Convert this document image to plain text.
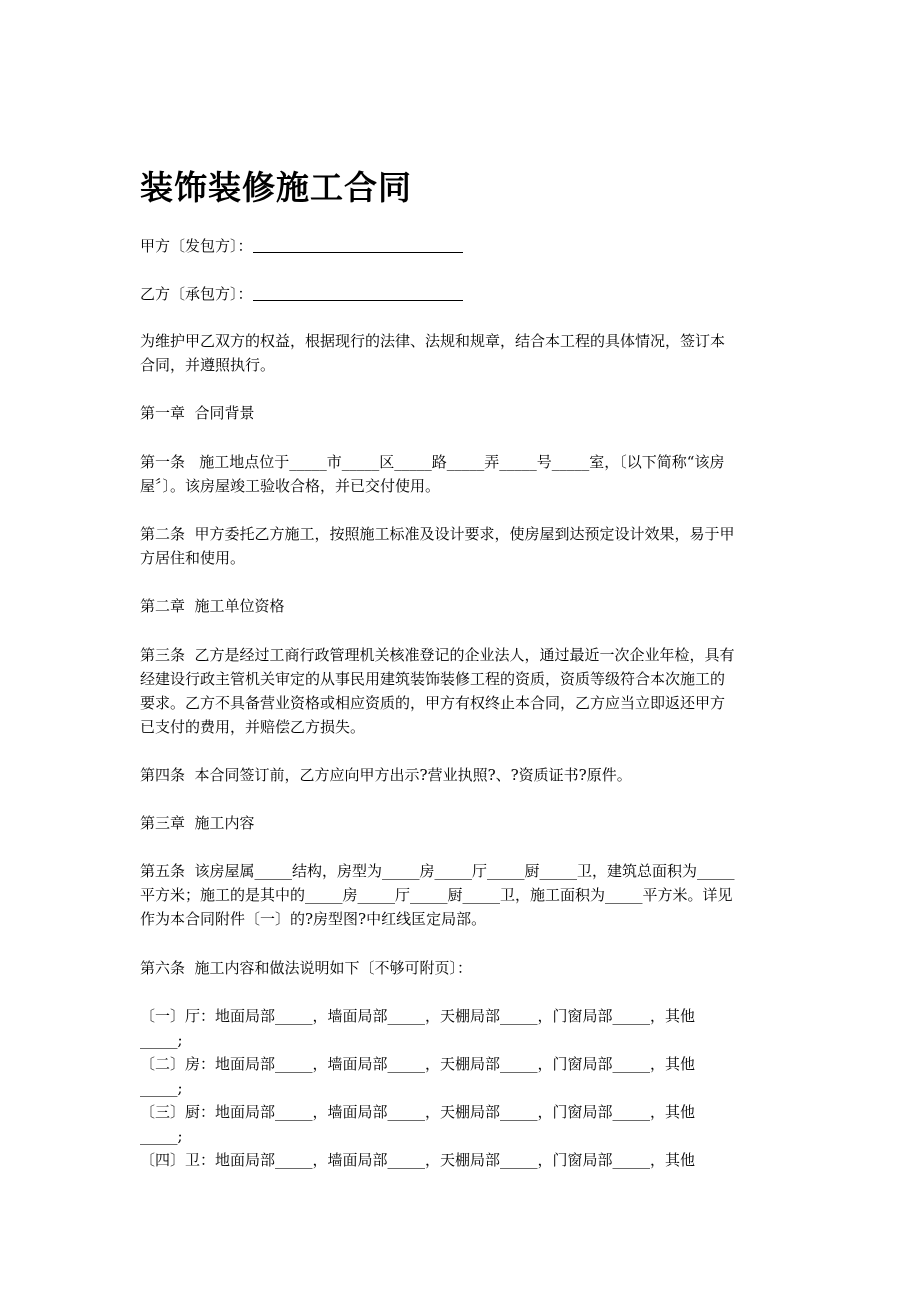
装饰装修施工合同
甲方〔发包方〕：
乙方〔承包方〕：
为维护甲乙双方的权益，根据现行的法律、法规和规章，结合本工程的具体情况，签订本
合同，并遵照执行。
第一章  合同背景
第一条   施工地点位于_____市_____区_____路_____弄_____号_____室，〔以下简称“该房
屋〞〕。该房屋竣工验收合格，并已交付使用。
第二条  甲方委托乙方施工，按照施工标准及设计要求，使房屋到达预定设计效果，易于甲
方居住和使用。
第二章  施工单位资格
第三条  乙方是经过工商行政管理机关核准登记的企业法人，通过最近一次企业年检，具有
经建设行政主管机关审定的从事民用建筑装饰装修工程的资质，资质等级符合本次施工的
要求。乙方不具备营业资格或相应资质的，甲方有权终止本合同，乙方应当立即返还甲方
已支付的费用，并赔偿乙方损失。
第四条  本合同签订前，乙方应向甲方出示?营业执照?、?资质证书?原件。
第三章  施工内容
第五条  该房屋属_____结构，房型为_____房_____厅_____厨_____卫，建筑总面积为_____
平方米；施工的是其中的_____房_____厅_____厨_____卫，施工面积为_____平方米。详见
作为本合同附件〔一〕的?房型图?中红线匡定局部。
第六条  施工内容和做法说明如下〔不够可附页〕：
〔一〕厅：地面局部_____，墙面局部_____，天棚局部_____，门窗局部_____，其他
_____;
〔二〕房：地面局部_____，墙面局部_____，天棚局部_____，门窗局部_____，其他
_____;
〔三〕厨：地面局部_____，墙面局部_____，天棚局部_____，门窗局部_____，其他
_____;
〔四〕卫：地面局部_____，墙面局部_____，天棚局部_____，门窗局部_____，其他
